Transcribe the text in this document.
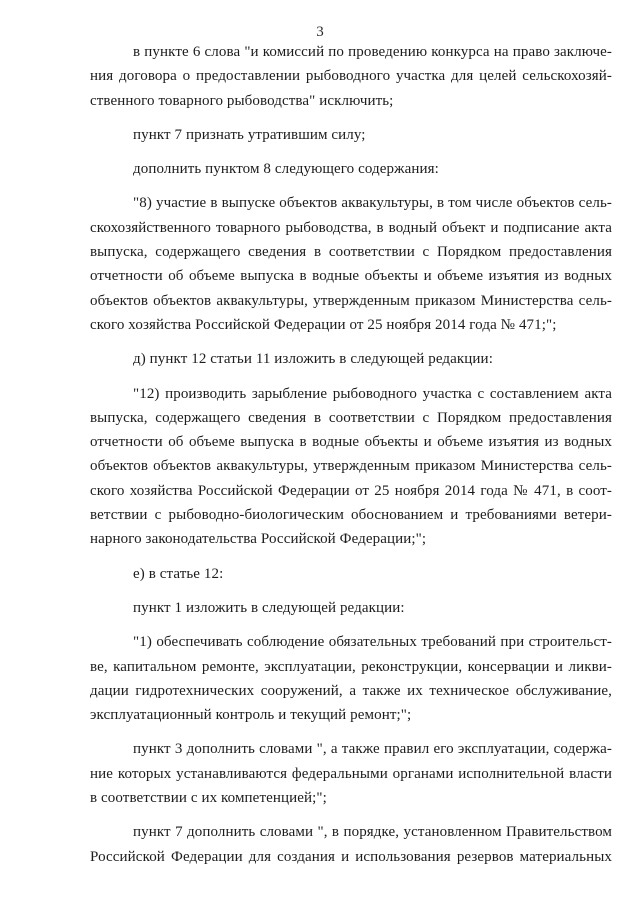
3

в пункте 6 слова "и комиссий по проведению конкурса на право заключе-
ния договора о предоставлении рыбоводного участка для целей сельскохозяй-
ственного товарного рыбоводства" исключить;

пункт 7 признать утратившим силу;

дополнить пунктом 8 следующего содержания:

"8) участие в выпуске объектов аквакультуры, в том числе объектов сель-
скохозяйственного товарного рыбоводства, в водный объект и подписание акта
выпуска, содержащего сведения в соответствии с Порядком предоставления
отчетности об объеме выпуска в водные объекты и объеме изъятия из водных
объектов объектов аквакультуры, утвержденным приказом Министерства сель-
ского хозяйства Российской Федерации от 25 ноября 2014 года № 471;";

д) пункт 12 статьи 11 изложить в следующей редакции:

"12) производить зарыбление рыбоводного участка с составлением акта
выпуска, содержащего сведения в соответствии с Порядком предоставления
отчетности об объеме выпуска в водные объекты и объеме изъятия из водных
объектов объектов аквакультуры, утвержденным приказом Министерства сель-
ского хозяйства Российской Федерации от 25 ноября 2014 года № 471, в соот-
ветствии с рыбоводно-биологическим обоснованием и требованиями ветери-
нарного законодательства Российской Федерации;";

е) в статье 12:

пункт 1 изложить в следующей редакции:

"1) обеспечивать соблюдение обязательных требований при строительст-
ве, капитальном ремонте, эксплуатации, реконструкции, консервации и ликви-
дации гидротехнических сооружений, а также их техническое обслуживание,
эксплуатационный контроль и текущий ремонт;";

пункт 3 дополнить словами ", а также правил его эксплуатации, содержа-
ние которых устанавливаются федеральными органами исполнительной власти
в соответствии с их компетенцией;";

пункт 7 дополнить словами ", в порядке, установленном Правительством
Российской Федерации для создания и использования резервов материальных
